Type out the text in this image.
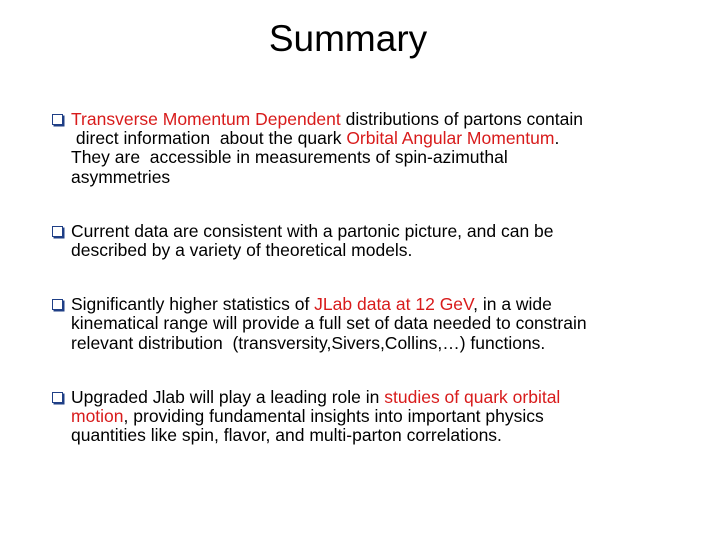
Summary
Transverse Momentum Dependent distributions of partons contain
direct information  about the quark Orbital Angular Momentum.
They are  accessible in measurements of spin-azimuthal
asymmetries
Current data are consistent with a partonic picture, and can be
described by a variety of theoretical models.
Significantly higher statistics of JLab data at 12 GeV, in a wide
kinematical range will provide a full set of data needed to constrain
relevant distribution  (transversity,Sivers,Collins,…) functions.
Upgraded Jlab will play a leading role in studies of quark orbital
motion, providing fundamental insights into important physics
quantities like spin, flavor, and multi-parton correlations.
